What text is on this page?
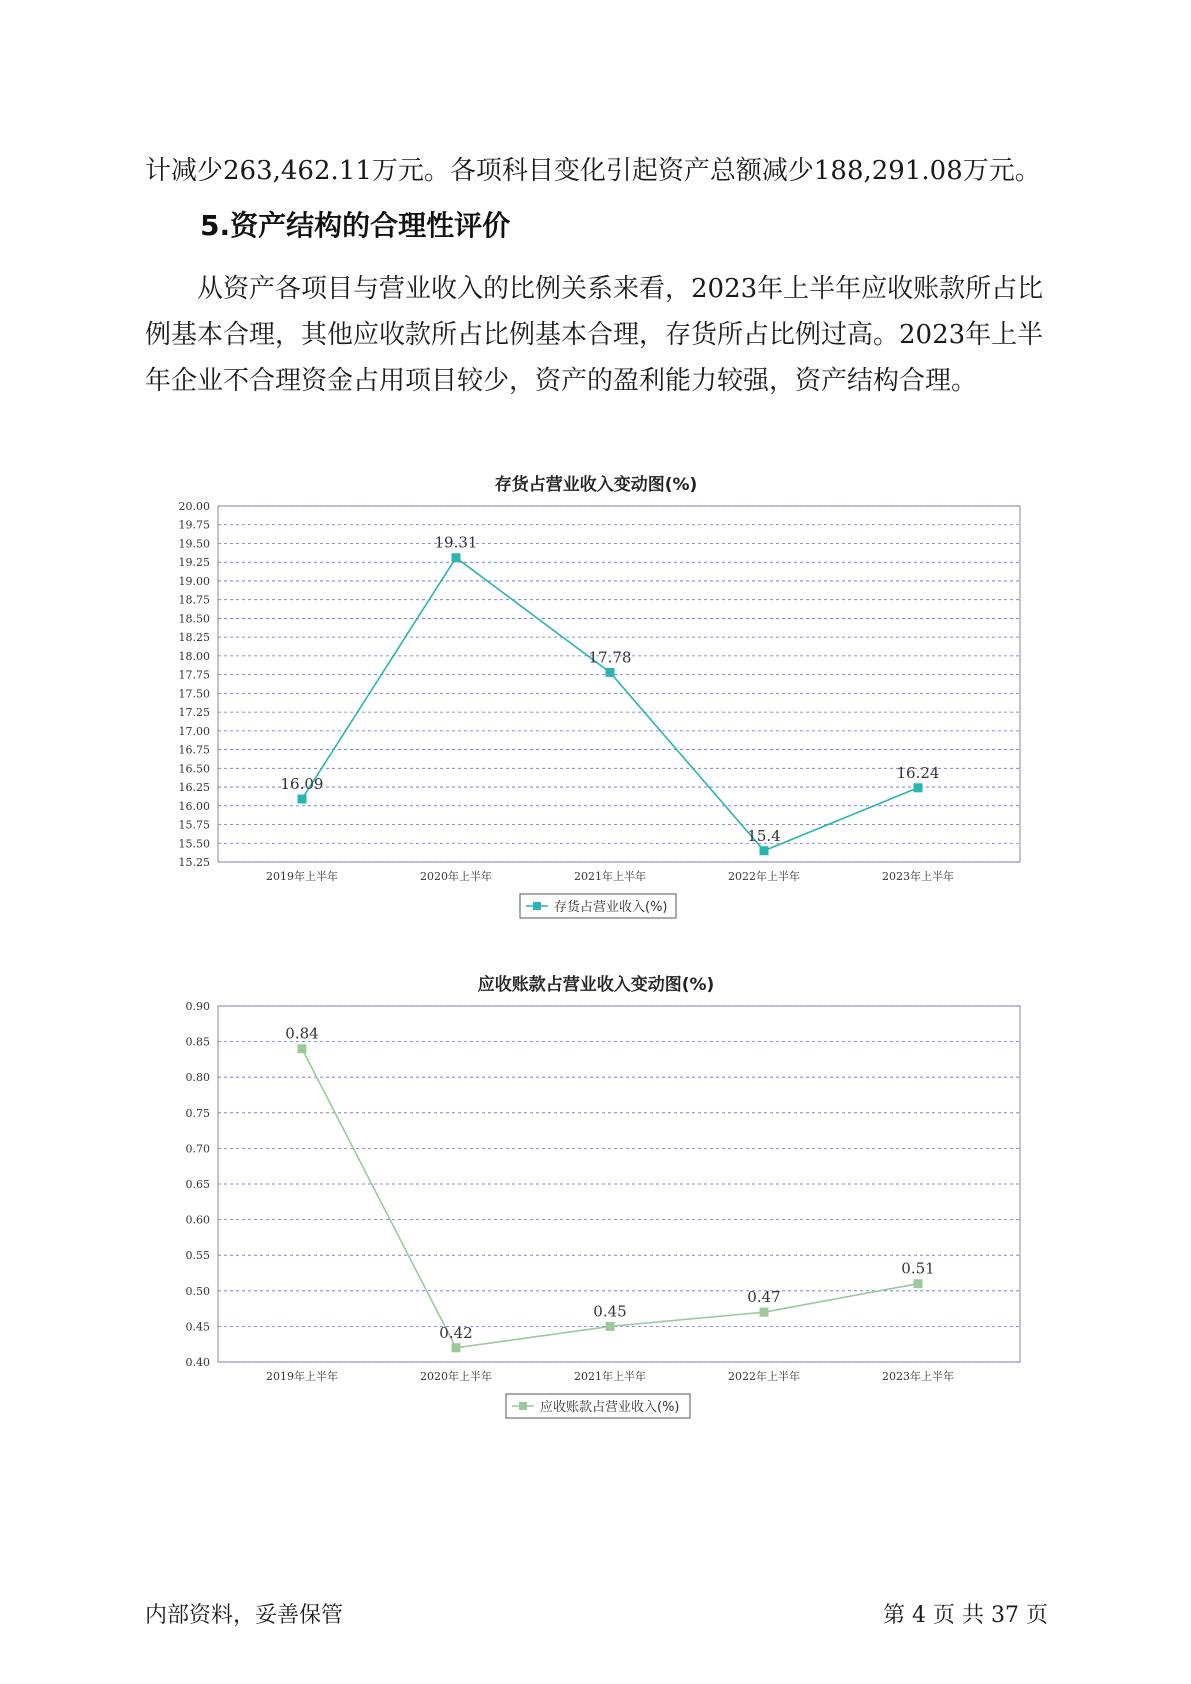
计减少263,462.11万元。各项科目变化引起资产总额减少188,291.08万元。

5.资产结构的合理性评价

从资产各项目与营业收入的比例关系来看，2023年上半年应收账款所占比例基本合理，其他应收款所占比例基本合理，存货所占比例过高。2023年上半年企业不合理资金占用项目较少，资产的盈利能力较强，资产结构合理。

存货占营业收入变动图(%)
15.25
15.50
15.75
16.00
16.25
16.50
16.75
17.00
17.25
17.50
17.75
18.00
18.25
18.50
18.75
19.00
19.25
19.50
19.75
20.00
2019年上半年	2020年上半年	2021年上半年	2022年上半年	2023年上半年
16.09
19.31
17.78
15.4
16.24
存货占营业收入(%)
应收账款占营业收入变动图(%)
0.40
0.45
0.50
0.55
0.60
0.65
0.70
0.75
0.80
0.85
0.90
2019年上半年	2020年上半年	2021年上半年	2022年上半年	2023年上半年
0.84
0.42
0.45
0.47
0.51
应收账款占营业收入(%)
内部资料，妥善保管	第 4 页 共 37 页
